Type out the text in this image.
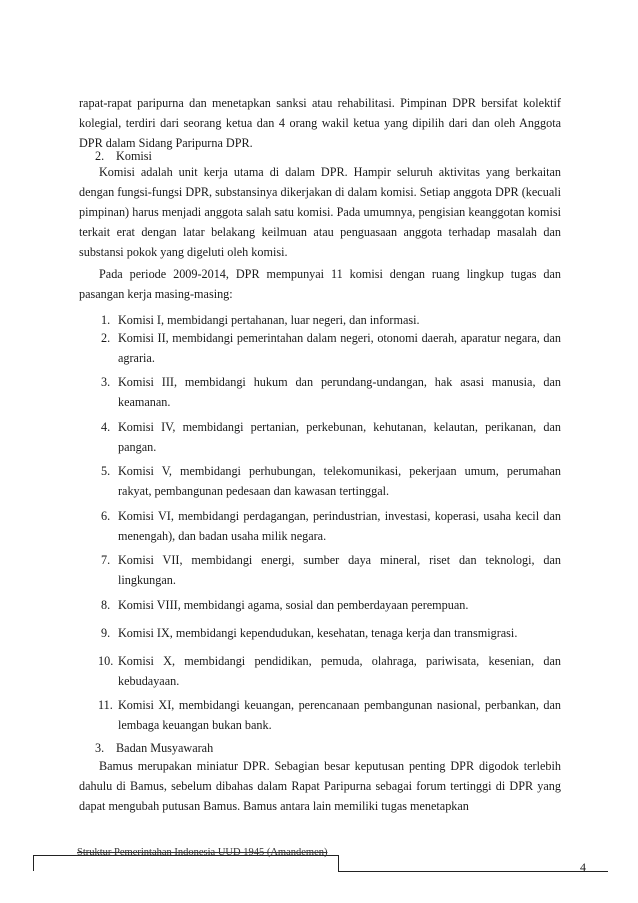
rapat-rapat paripurna dan menetapkan sanksi atau rehabilitasi. Pimpinan DPR bersifat kolektif kolegial, terdiri dari seorang ketua dan 4 orang wakil ketua yang dipilih dari dan oleh Anggota DPR dalam Sidang Paripurna DPR.

2. Komisi

Komisi adalah unit kerja utama di dalam DPR. Hampir seluruh aktivitas yang berkaitan dengan fungsi-fungsi DPR, substansinya dikerjakan di dalam komisi. Setiap anggota DPR (kecuali pimpinan) harus menjadi anggota salah satu komisi. Pada umumnya, pengisian keanggotan komisi terkait erat dengan latar belakang keilmuan atau penguasaan anggota terhadap masalah dan substansi pokok yang digeluti oleh komisi.

Pada periode 2009-2014, DPR mempunyai 11 komisi dengan ruang lingkup tugas dan pasangan kerja masing-masing:

1. Komisi I, membidangi pertahanan, luar negeri, dan informasi.
2. Komisi II, membidangi pemerintahan dalam negeri, otonomi daerah, aparatur negara, dan agraria.
3. Komisi III, membidangi hukum dan perundang-undangan, hak asasi manusia, dan keamanan.
4. Komisi IV, membidangi pertanian, perkebunan, kehutanan, kelautan, perikanan, dan pangan.
5. Komisi V, membidangi perhubungan, telekomunikasi, pekerjaan umum, perumahan rakyat, pembangunan pedesaan dan kawasan tertinggal.
6. Komisi VI, membidangi perdagangan, perindustrian, investasi, koperasi, usaha kecil dan menengah), dan badan usaha milik negara.
7. Komisi VII, membidangi energi, sumber daya mineral, riset dan teknologi, dan lingkungan.
8. Komisi VIII, membidangi agama, sosial dan pemberdayaan perempuan.
9. Komisi IX, membidangi kependudukan, kesehatan, tenaga kerja dan transmigrasi.
10. Komisi X, membidangi pendidikan, pemuda, olahraga, pariwisata, kesenian, dan kebudayaan.
11. Komisi XI, membidangi keuangan, perencanaan pembangunan nasional, perbankan, dan lembaga keuangan bukan bank.
3. Badan Musyawarah

Bamus merupakan miniatur DPR. Sebagian besar keputusan penting DPR digodok terlebih dahulu di Bamus, sebelum dibahas dalam Rapat Paripurna sebagai forum tertinggi di DPR yang dapat mengubah putusan Bamus. Bamus antara lain memiliki tugas menetapkan

Struktur Pemerintahan Indonesia UUD 1945 (Amandemen)
4
